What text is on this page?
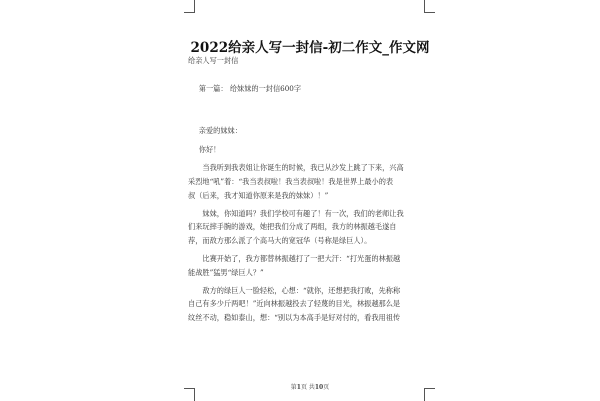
2022给亲人写一封信-初二作文_作文网

给亲人写一封信

第一篇： 给妹妹的一封信600字

亲爱的妹妹：

你好！

当我听到我表姐让你诞生的时候，我已从沙发上跳了下来，兴高
采烈地“吼”着：“我当表叔啦！我当表叔啦！我是世界上最小的表
叔（后来，我才知道你原来是我的妹妹）！”

妹妹，你知道吗？我们学校可有趣了！有一次，我们的老师让我
们来玩摔手腕的游戏，她把我们分成了两组，我方的林振越毛遂自
荐，而敌方那么派了个高马大的宽冠华（号称是绿巨人）。

比赛开始了，我方都替林振越打了一把大汗：“打光蛋的林振越
能战胜”猛男“绿巨人？”

敌方的绿巨人一脸轻松，心想：“就你，还想把我打败，先称称
自己有多少斤两吧！”近向林振越投去了轻蔑的目光，林振越那么是
纹丝不动，稳如泰山，想：“别以为本高手是好对付的，看我用祖传

第1页 共10页
